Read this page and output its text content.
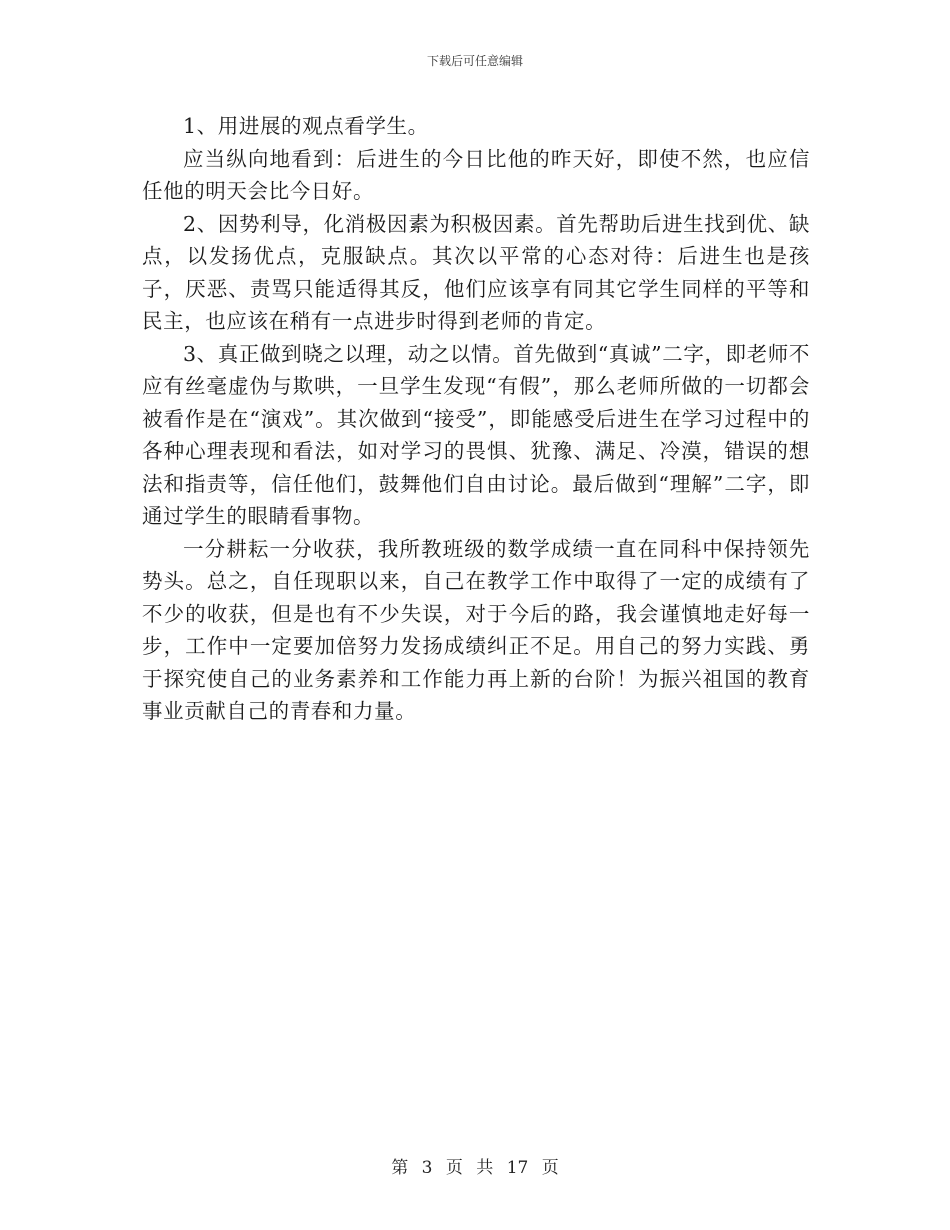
下载后可任意编辑

1、用进展的观点看学生。

应当纵向地看到：后进生的今日比他的昨天好，即使不然，也应信任他的明天会比今日好。

2、因势利导，化消极因素为积极因素。首先帮助后进生找到优、缺点，以发扬优点，克服缺点。其次以平常的心态对待：后进生也是孩子，厌恶、责骂只能适得其反，他们应该享有同其它学生同样的平等和民主，也应该在稍有一点进步时得到老师的肯定。

3、真正做到晓之以理，动之以情。首先做到“真诚”二字，即老师不应有丝毫虚伪与欺哄，一旦学生发现“有假”，那么老师所做的一切都会被看作是在“演戏”。其次做到“接受”，即能感受后进生在学习过程中的各种心理表现和看法，如对学习的畏惧、犹豫、满足、冷漠，错误的想法和指责等，信任他们，鼓舞他们自由讨论。最后做到“理解”二字，即通过学生的眼睛看事物。

一分耕耘一分收获，我所教班级的数学成绩一直在同科中保持领先势头。总之，自任现职以来，自己在教学工作中取得了一定的成绩有了不少的收获，但是也有不少失误，对于今后的路，我会谨慎地走好每一步，工作中一定要加倍努力发扬成绩纠正不足。用自己的努力实践、勇于探究使自己的业务素养和工作能力再上新的台阶！为振兴祖国的教育事业贡献自己的青春和力量。

第 3 页 共 17 页
